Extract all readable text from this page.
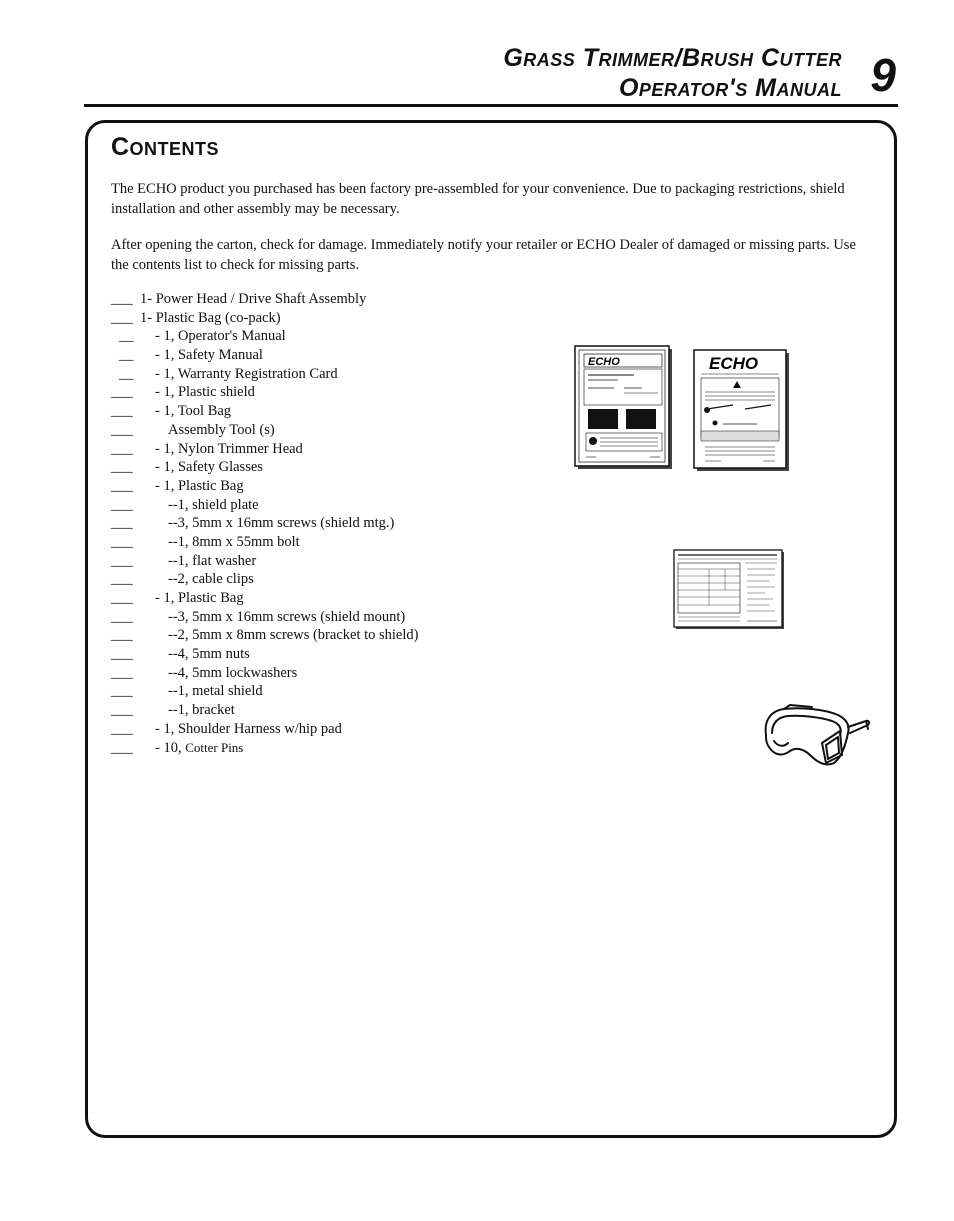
Grass Trimmer/Brush Cutter
Operator's Manual 9
Contents
The ECHO product you purchased has been factory pre-assembled for your convenience. Due to packaging restrictions, shield installation and other assembly may be necessary.
After opening the carton, check for damage. Immediately notify your retailer or ECHO Dealer of damaged or missing parts. Use the contents list to check for missing parts.
___ 1- Power Head / Drive Shaft Assembly
___ 1- Plastic Bag (co-pack)
__ - 1, Operator's Manual
__ - 1, Safety Manual
__ - 1, Warranty Registration Card
___ - 1, Plastic shield
___ - 1, Tool Bag
___ Assembly Tool (s)
___ - 1, Nylon Trimmer Head
___ - 1, Safety Glasses
___ - 1, Plastic Bag
___ --1, shield plate
___ --3, 5mm x 16mm screws (shield mtg.)
___ --1, 8mm x 55mm bolt
___ --1, flat washer
___ --2, cable clips
___ - 1, Plastic Bag
___ --3, 5mm x 16mm screws (shield mount)
___ --2, 5mm x 8mm screws (bracket to shield)
___ --4, 5mm nuts
___ --4, 5mm lockwashers
___ --1, metal shield
___ --1, bracket
___ - 1, Shoulder Harness w/hip pad
___ - 10, Cotter Pins
ECHO	ECHO
